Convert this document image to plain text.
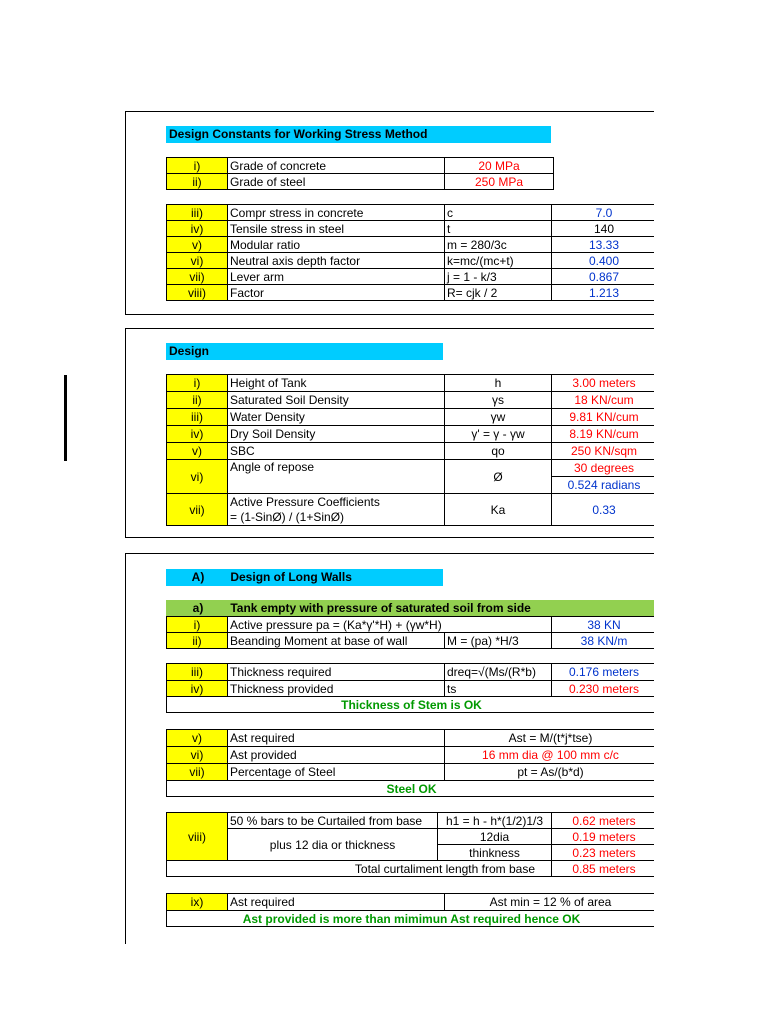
Design Constants for Working Stress Method
i)	Grade of concrete	20 MPa
ii)	Grade of steel	250 MPa
iii)	Compr stress in concrete	c	7.0
iv)	Tensile stress in steel	t	140
v)	Modular ratio	m = 280/3c	13.33
vi)	Neutral axis depth factor	k=mc/(mc+t)	0.400
vii)	Lever arm	j = 1 - k/3	0.867
viii)	Factor	R= cjk / 2	1.213
Design
i)	Height of Tank	h	3.00 meters
ii)	Saturated Soil Density	γs	18 KN/cum
iii)	Water Density	γw	9.81 KN/cum
iv)	Dry Soil Density	γ' = γ - γw	8.19 KN/cum
v)	SBC	qo	250 KN/sqm
vi)	Angle of repose	Ø	30 degrees
			0.524 radians
vii)	Active Pressure Coefficients
= (1-SinØ) / (1+SinØ)	Ka	0.33
A) Design of Long Walls
a) Tank empty with pressure of saturated soil from side
i)	Active pressure pa = (Ka*γ'*H) + (γw*H)		38 KN
ii)	Beanding Moment at base of wall	M = (pa) *H/3	38 KN/m
iii)	Thickness required	dreq=√(Ms/(R*b)	0.176 meters
iv)	Thickness provided	ts	0.230 meters
Thickness of Stem is OK			
v)	Ast required	Ast = M/(t*j*tse)
vi)	Ast provided	16 mm dia @ 100 mm c/c
vii)	Percentage of Steel	pt = As/(b*d)
Steel OK		
viii)	50 % bars to be Curtailed from base	h1 = h - h*(1/2)1/3	0.62 meters
	plus 12 dia or thickness	12dia	0.19 meters
		thinkness	0.23 meters
Total curtaliment length from base			0.85 meters
ix)	Ast required	Ast min = 12 % of area
Ast provided is more than mimimun Ast required hence OK
